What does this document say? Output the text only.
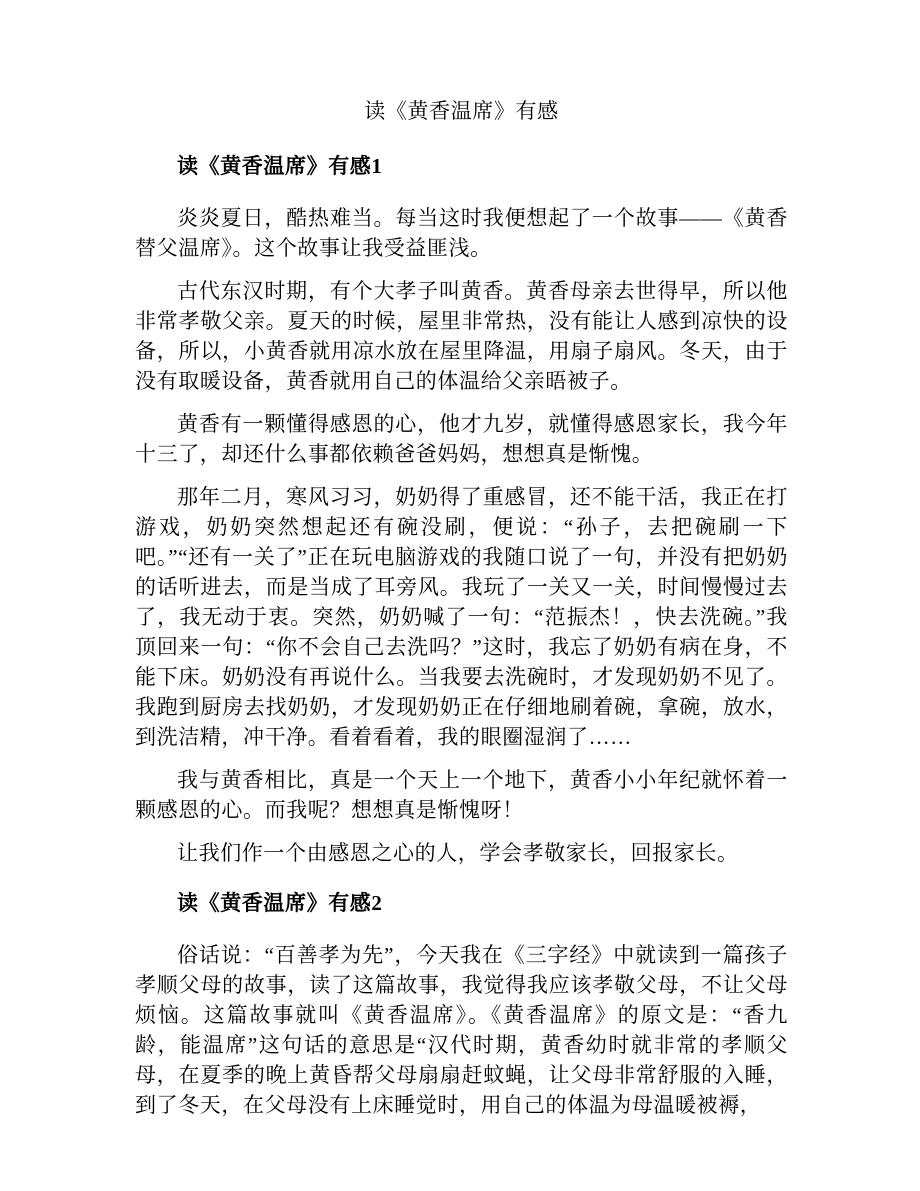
读《黄香温席》有感
读《黄香温席》有感1

炎炎夏日，酷热难当。每当这时我便想起了一个故事——《黄香替父温席》。这个故事让我受益匪浅。

古代东汉时期，有个大孝子叫黄香。黄香母亲去世得早，所以他非常孝敬父亲。夏天的时候，屋里非常热，没有能让人感到凉快的设备，所以，小黄香就用凉水放在屋里降温，用扇子扇风。冬天，由于没有取暖设备，黄香就用自己的体温给父亲晤被子。

黄香有一颗懂得感恩的心，他才九岁，就懂得感恩家长，我今年十三了，却还什么事都依赖爸爸妈妈，想想真是惭愧。

那年二月，寒风习习，奶奶得了重感冒，还不能干活，我正在打游戏，奶奶突然想起还有碗没刷，便说：“孙子，去把碗刷一下吧。”“还有一关了”正在玩电脑游戏的我随口说了一句，并没有把奶奶的话听进去，而是当成了耳旁风。我玩了一关又一关，时间慢慢过去了，我无动于衷。突然，奶奶喊了一句：“范振杰！，快去洗碗。”我顶回来一句：“你不会自己去洗吗？”这时，我忘了奶奶有病在身，不能下床。奶奶没有再说什么。当我要去洗碗时，才发现奶奶不见了。我跑到厨房去找奶奶，才发现奶奶正在仔细地刷着碗，拿碗，放水，到洗洁精，冲干净。看着看着，我的眼圈湿润了……

我与黄香相比，真是一个天上一个地下，黄香小小年纪就怀着一颗感恩的心。而我呢？想想真是惭愧呀！

让我们作一个由感恩之心的人，学会孝敬家长，回报家长。

读《黄香温席》有感2

俗话说：“百善孝为先”，今天我在《三字经》中就读到一篇孩子孝顺父母的故事，读了这篇故事，我觉得我应该孝敬父母，不让父母烦恼。这篇故事就叫《黄香温席》。《黄香温席》的原文是：“香九龄，能温席”这句话的意思是“汉代时期，黄香幼时就非常的孝顺父母，在夏季的晚上黄昏帮父母扇扇赶蚊蝇，让父母非常舒服的入睡，到了冬天，在父母没有上床睡觉时，用自己的体温为母温暖被褥，
